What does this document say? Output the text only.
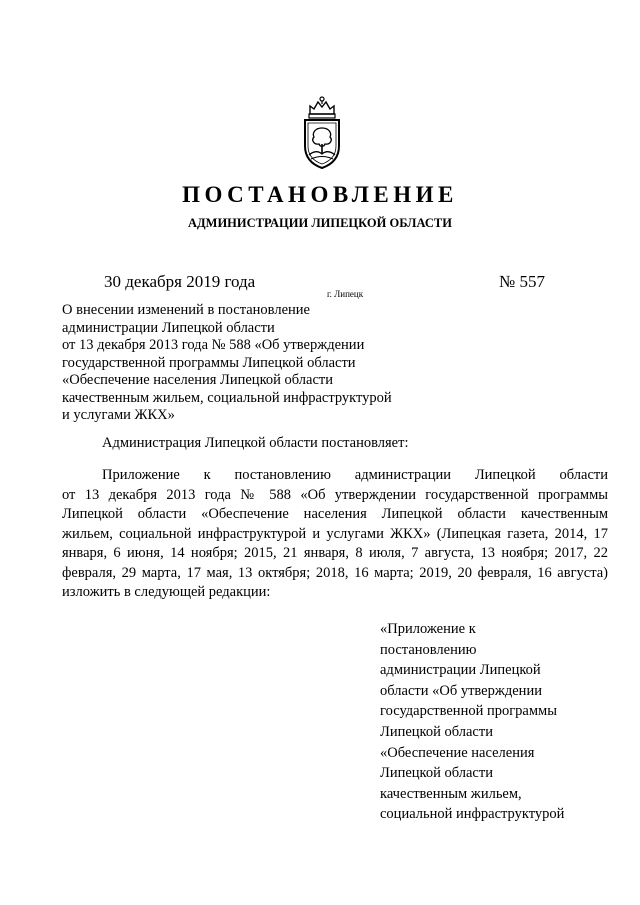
ПОСТАНОВЛЕНИЕ
АДМИНИСТРАЦИИ ЛИПЕЦКОЙ ОБЛАСТИ
30 декабря 2019 года
г. Липецк
№ 557
О внесении изменений в постановление
администрации Липецкой области
от 13 декабря 2013 года № 588 «Об утверждении
государственной программы Липецкой области
«Обеспечение населения Липецкой области
качественным жильем, социальной инфраструктурой
и услугами ЖКХ»
Администрация Липецкой области постановляет:
Приложение к постановлению администрации Липецкой области
от 13 декабря 2013 года № 588 «Об утверждении государственной программы
Липецкой области «Обеспечение населения Липецкой области качественным
жильем, социальной инфраструктурой и услугами ЖКХ» (Липецкая газета, 2014, 17
января, 6 июня, 14 ноября; 2015, 21 января, 8 июля, 7 августа, 13 ноября; 2017, 22
февраля, 29 марта, 17 мая, 13 октября; 2018, 16 марта; 2019, 20 февраля, 16 августа)
изложить в следующей редакции:
«Приложение к
постановлению
администрации Липецкой
области «Об утверждении
государственной программы
Липецкой области
«Обеспечение населения
Липецкой области
качественным жильем,
социальной инфраструктурой
